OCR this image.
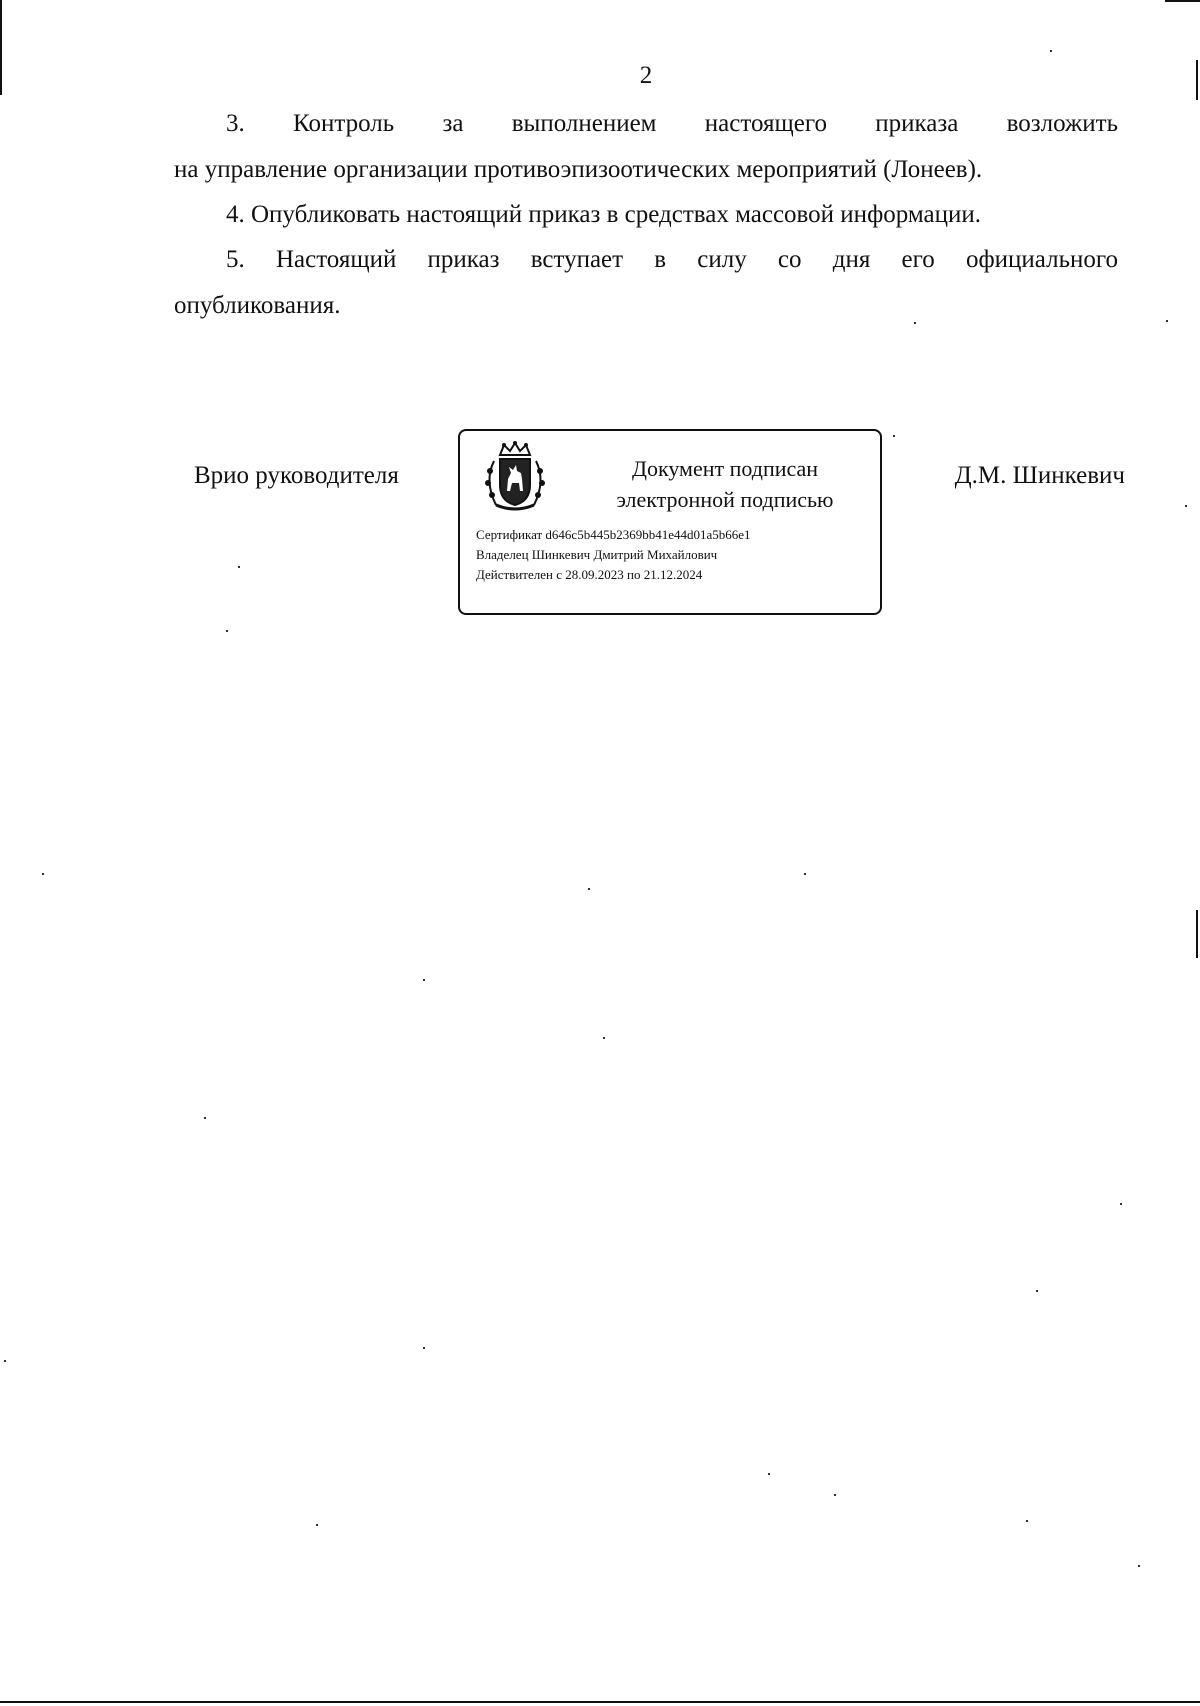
2
3. Контроль за выполнением настоящего приказа возложить
на управление организации противоэпизоотических мероприятий (Лонеев).
4. Опубликовать настоящий приказ в средствах массовой информации.
5. Настоящий приказ вступает в силу со дня его официального
опубликования.
Врио руководителя	Документ подписан
электронной подписью
Сертификат d646c5b445b2369bb41e44d01a5b66e1
Владелец Шинкевич Дмитрий Михайлович
Действителен с 28.09.2023 по 21.12.2024
Д.М. Шинкевич
